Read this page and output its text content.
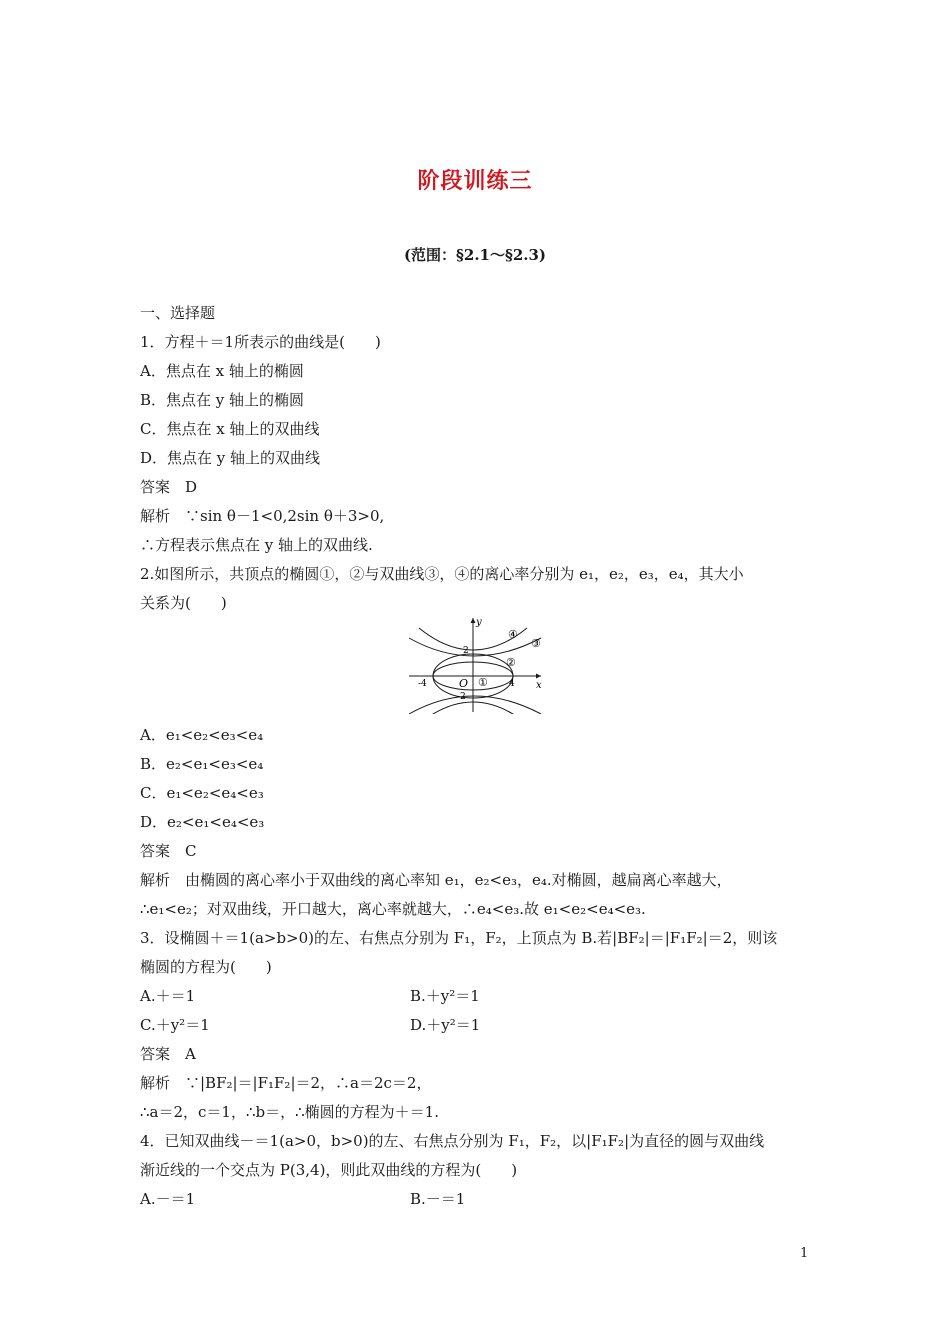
阶段训练三
(范围：§2.1～§2.3)
一、选择题
1．方程＋＝1所表示的曲线是(　　)
A．焦点在 x 轴上的椭圆
B．焦点在 y 轴上的椭圆
C．焦点在 x 轴上的双曲线
D．焦点在 y 轴上的双曲线
答案　D
解析　∵sin θ－1<0,2sin θ＋3>0,
∴方程表示焦点在 y 轴上的双曲线.
2.如图所示，共顶点的椭圆①，②与双曲线③，④的离心率分别为 e₁，e₂，e₃，e₄，其大小
关系为(　　)
y
x
O
2
-2
4
-4	①
②
③
④
A．e₁<e₂<e₃<e₄
B．e₂<e₁<e₃<e₄
C．e₁<e₂<e₄<e₃
D．e₂<e₁<e₄<e₃
答案　C
解析　由椭圆的离心率小于双曲线的离心率知 e₁，e₂<e₃，e₄.对椭圆，越扁离心率越大，
∴e₁<e₂；对双曲线，开口越大，离心率就越大，∴e₄<e₃.故 e₁<e₂<e₄<e₃.
3．设椭圆＋＝1(a>b>0)的左、右焦点分别为 F₁，F₂，上顶点为 B.若|BF₂|＝|F₁F₂|＝2，则该
椭圆的方程为(　　)
A.＋＝1	B.＋y²＝1
C.＋y²＝1	D.＋y²＝1
答案　A
解析　∵|BF₂|＝|F₁F₂|＝2，∴a＝2c＝2，
∴a＝2，c＝1，∴b＝，∴椭圆的方程为＋＝1.
4．已知双曲线－＝1(a>0，b>0)的左、右焦点分别为 F₁，F₂，以|F₁F₂|为直径的圆与双曲线
渐近线的一个交点为 P(3,4)，则此双曲线的方程为(　　)
A.－＝1	B.－＝1
1
